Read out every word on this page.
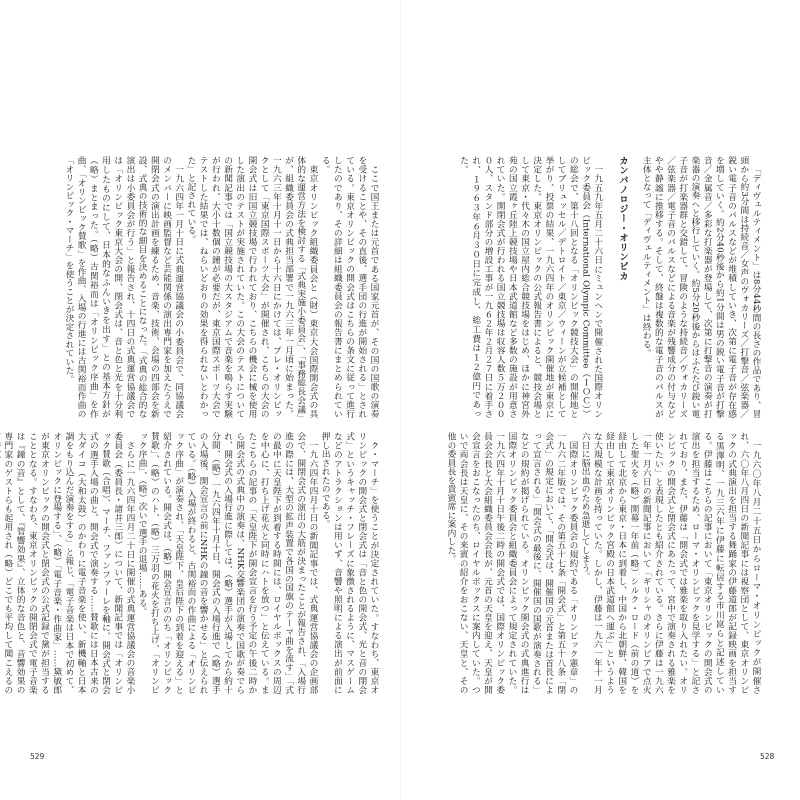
「ディヴェルティメント」は8分44秒間の長さの作品であり、冒頭から約3分間は持続音／女声のヴォカリーズ／打撃音／弦楽器／鋭い電子音のパルスなどが堆積していき、次第に電子音が存在感を増していく。約2分40秒後から約1分間は男の鋭い電子音が打撃音／金属音／多彩な打楽器が登場して、次第に打撃音の演奏が打楽器の演奏へと移行していく。約5分20秒後からはふたたび鋭い電子音が打楽器群と交錯して、冒険のような持続音／ヴォカリーズ／弦楽器／電子音のパルスなどによる音楽が残響成分の付与などやや静謐に推移する。そして、終盤は複数的な電子音のパルスが主体となって「ディヴェルティメント」は終わる。

カンパノロジー・オリンピカ

一九五九年五月二十六日にミュンヘンで開催された国際オリンピック委員会（International Olympic Committee（ＩＯＣ））の総会で、第十八回となる「オリンピック競技大会」の開催地としてブリュッセル／デトロイト／東京／ウィーンが立候補として挙がり、投票の結果、一九六四年のオリンピック開催地が東京に決定した。東京オリンピックの公式報告書によると、競技会場として東京・代々木の国立屋内総合競技場をはじめ、ほかに神宮外苑の国立霞ヶ丘陸上競技場や日本武道館など多数の施設が用意されていた。開閉会式が行われる国立競技場は収容人数５万２０００人、スタンド部分の増設工事が一九６２年２月２７日に着手され、１９６３年６月３０日に完成し、総工費は１２億円であった。

一九六〇年八月二十五日からローマ・オリンピックが開催され、六〇年八月四日の新聞記事には視察団として、東京オリンピックの式典演出を担当する舞踊家の伊藤道郎が記録映画を担当する黒澤明、一九三六年に伊藤に転居する市川崑らと記述している。伊藤はこちらの記事において「東京オリンピックの開会式の演出を担当するため、ローマ・オリンピックを見学する」と記されており、また、伊藤は「開会式では雅楽を取り入れたい。オリンピックの開会式と閉会式にあたって、宮中で演奏される雅楽を使いたい」と表現したとも紹介されている。さらに伊藤は一九六一年一月六日の新聞記事において「ギリシャのオリンピアで点火した聖火を（略）開幕一年前（略）シルク・ロード（前の道）を経由して北京から東京・日本に到着し、中国から北朝鮮、韓国を経由して東京オリンピック宮殿の日本武道館へ運ぶ」というような大規模な計画を持っていた。しかし、伊藤は一九六一年十一月六日に脳出血のため急逝してしまう。

国際オリンピック委員会の規約である「オリンピック憲章」の一九六二年版では、その第五十七条「開会式」と第五十八条「閉会式」の規定において、「開会式は、開催国の元首または首長によって宣言される」「開会式の最後に、開催国の国歌が演奏される」などの規約が掲げられている。オリンピック開会式の式典進行は国際オリンピック委員会と組織委員会によって規定されていた。一九六四年十月十日午後二時の開会式では、国際オリンピック委員会会長と大会組織委員会会長が、元首の天皇を迎え、天皇が開会宣言をおこなったのち、ロイヤルボックスに案内していた。ついで両会長は天皇に、その来賓の紹介をおこない、天皇と、その他の委員長を貴賓席に案内した。

528

ここで国王または元首である国家元首が、その国の国歌の演奏を受けることや、その直後、選手団の行進が開始される」とされている。東京オリンピックの開会式はこちらの条文に従って進行したのであり、その詳細は組織委員会の報告書にまとめられている。

東京オリンピック組織委員会と（財）東京大会国際開会式の具体的な運営方法を検討する「式典実施小委員会」、「事務総長会議」が、組織委員会の式典担当部署で一九六三年一月頃に始まった。一九六三年十月十一日から十六日にかけては、プレ・オリンピックとして「東京国際スポーツ大会」が開催され、こちらの大会の開会式は旧国立競技場で行われており、こちらの機会に械を使用した演出のテストが実施されていた。この大会のテストについての新聞記事では「国立競技場の大スタジアムで音楽を鳴らす実験が行われ、大小十数個の鐘が必要だが、東京国際スポーツ大会でテストした結果では、ねらいどおりの効果を得られないとわかった」と記されている。

一九六四年一月十日に式典運営協議会の小委員会で、同協議会のメンバーに映画監督など芸能関係の演出専門家を加えたうえで開閉会式の演出計画を練るため、音楽、技術、会場の四部会を新設、式典の技術的な細目を決めることになった。「式典の総合的な演出は小委員会が行う」と報告され、十四日の式典運営協議会では「オリンピック東京大会の開、閉会式は、音と色と光を十分利用したものにして、日本的なふんいきを出す」との基本方針が（略）まとまった。（略）古関裕而は「オリンピック序曲」を作曲、「オリンピック賛歌」を作曲、入場の行進には古関裕而作曲の「オリンピック・マーチ」を使うことが決定されていた。

ク・マーチ」を使うことが決定されていた。すなわち、東京オリンピックの開会式と閉会式は「音と色の開会式、光と音の閉会式」というキャッチ・フレーズに象徴されるように、マスゲームなどのアトラクションは用いず、音響や照明による演出が前面に押し出されたのである。

一九六四年四月十日の新聞記事では、式典運営協議会の企画部会で、開閉会式の演出の大筋が決まったことが報告され、「入場行進の際には、大型の拡声装置で各国の国旗のテーマ曲を流す」「式の最中に天皇陛下が到着する時間には、ロイヤルボックスの周辺を中心に、打ち上げ花火と同時にハトを放つ」と伝えている。またこちらの記事の「天皇陛下が開会宣言を行う予定の午後二時から開会式の式典中の演奏は、NHK交響楽団の演奏で国歌が奏でられ、開会式の入場行進に際しては、（略）選手が入場してから約十分間、（略）一九六四年十月十日、開会式の入場行進で（略）選手の入場後、開会宣言の前にNHKの鐘の音を響かせる」と伝えられている。（略）入場が終わると、古関裕而の作曲による「オリンピック序曲」が演奏され、「天皇陛下、皇后陛下の到着を迎える」と紹介されている。開会式は、（略）開会宣言ののち「オリンピック賛歌」、（略）のハト、（略）三万羽の花火を打ち上げ、「オリンピック序曲」、（略）次いで選手の退場……ある。

さらに一九六四年四月二十日に開催の式典運営協議会の音楽小委員会（委員長・諸井三郎）について、新聞記事では「オリンピック賛歌（合唱）、マーチ、ファンファーレを軸に、開会式と閉会式の選手入場の曲と、開会式で演奏する……賛歌には日本古来の大ダイコ（大和太鼓）のかわりに電子音楽を使い、新機軸と日本調をもり込んだ演奏をする」と報じ、「電子音楽は日本で初めて、オリンピックに登場する」、（略）「電子音楽・作曲家」……黛敏郎が東京オリンピックの開会式と閉会式の公式記録で黛が担当することとなる。すなわち、東京オリンピックの開閉会式で電子音楽は『鐘の音』として、『管響効果』、立体的な音色と、音響効果の専門家のゲストらも起用され（略）どこでも平均して聞こえるの

529
